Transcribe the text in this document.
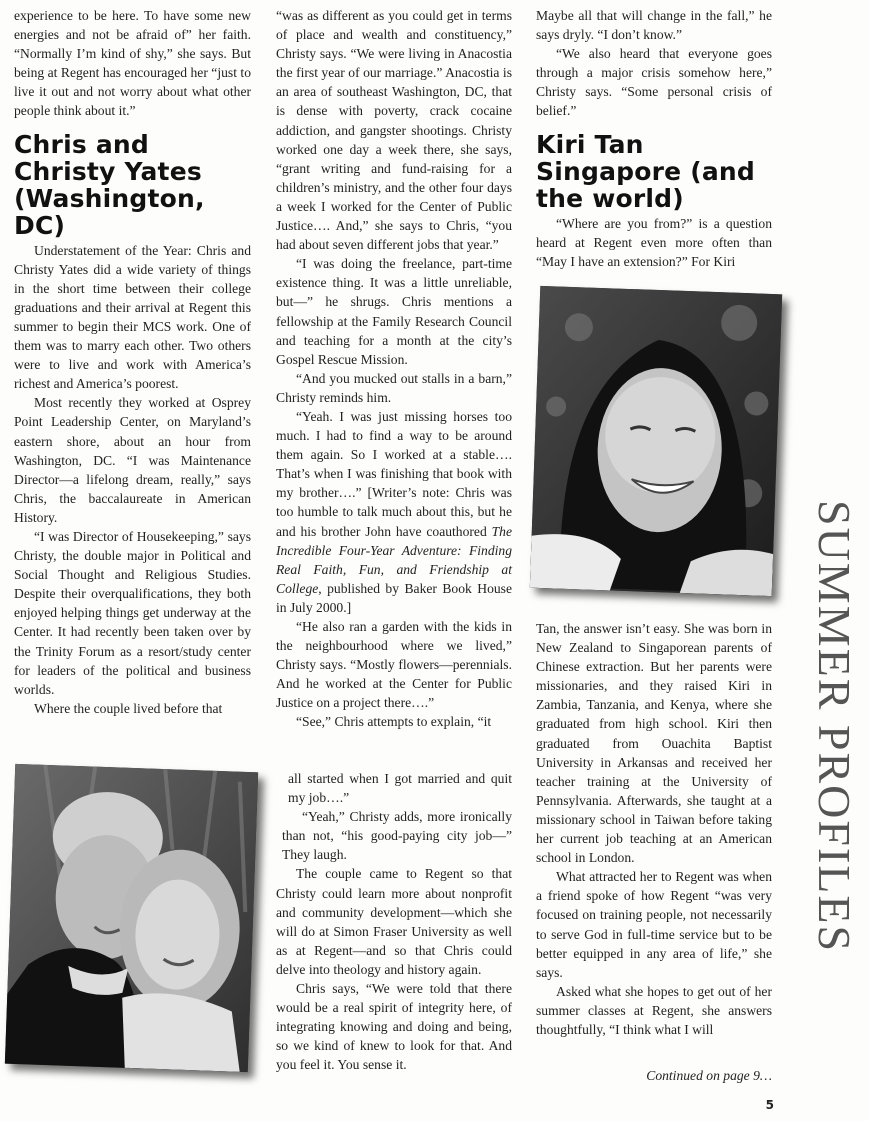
experience to be here. To have some new energies and not be afraid of” her faith. “Normally I’m kind of shy,” she says. But being at Regent has encouraged her “just to live it out and not worry about what other people think about it.”

Chris and Christy Yates (Washington, DC)

Understatement of the Year: Chris and Christy Yates did a wide variety of things in the short time between their college graduations and their arrival at Regent this summer to begin their MCS work. One of them was to marry each other. Two others were to live and work with America’s richest and America’s poorest.

Most recently they worked at Osprey Point Leadership Center, on Maryland’s eastern shore, about an hour from Washington, DC. “I was Maintenance Director—a lifelong dream, really,” says Chris, the baccalaureate in American History.

“I was Director of Housekeeping,” says Christy, the double major in Political and Social Thought and Religious Studies. Despite their overqualifications, they both enjoyed helping things get underway at the Center. It had recently been taken over by the Trinity Forum as a resort/study center for leaders of the political and business worlds.

Where the couple lived before that

“was as different as you could get in terms of place and wealth and constituency,” Christy says. “We were living in Anacostia the first year of our marriage.” Anacostia is an area of southeast Washington, DC, that is dense with poverty, crack cocaine addiction, and gangster shootings. Christy worked one day a week there, she says, “grant writing and fund-raising for a children’s ministry, and the other four days a week I worked for the Center of Public Justice…. And,” she says to Chris, “you had about seven different jobs that year.”

“I was doing the freelance, part-time existence thing. It was a little unreliable, but—” he shrugs. Chris mentions a fellowship at the Family Research Council and teaching for a month at the city’s Gospel Rescue Mission.

“And you mucked out stalls in a barn,” Christy reminds him.

“Yeah. I was just missing horses too much. I had to find a way to be around them again. So I worked at a stable…. That’s when I was finishing that book with my brother….” [Writer’s note: Chris was too humble to talk much about this, but he and his brother John have coauthored The Incredible Four-Year Adventure: Finding Real Faith, Fun, and Friendship at College, published by Baker Book House in July 2000.]

“He also ran a garden with the kids in the neighbourhood where we lived,” Christy says. “Mostly flowers—perennials. And he worked at the Center for Public Justice on a project there….”

“See,” Chris attempts to explain, “it

all started when I got married and quit my job….”

“Yeah,” Christy adds, more ironically than not, “his good-paying city job—” They laugh.

The couple came to Regent so that Christy could learn more about nonprofit and community development—which she will do at Simon Fraser University as well as at Regent—and so that Chris could delve into theology and history again.

Chris says, “We were told that there would be a real spirit of integrity here, of integrating knowing and doing and being, so we kind of knew to look for that. And you feel it. You sense it.

Maybe all that will change in the fall,” he says dryly. “I don’t know.”

“We also heard that everyone goes through a major crisis somehow here,” Christy says. “Some personal crisis of belief.”

Kiri Tan Singapore (and the world)

“Where are you from?” is a question heard at Regent even more often than “May I have an extension?” For Kiri

Tan, the answer isn’t easy. She was born in New Zealand to Singaporean parents of Chinese extraction. But her parents were missionaries, and they raised Kiri in Zambia, Tanzania, and Kenya, where she graduated from high school. Kiri then graduated from Ouachita Baptist University in Arkansas and received her teacher training at the University of Pennsylvania. Afterwards, she taught at a missionary school in Taiwan before taking her current job teaching at an American school in London.

What attracted her to Regent was when a friend spoke of how Regent “was very focused on training people, not necessarily to serve God in full-time service but to be better equipped in any area of life,” she says.

Asked what she hopes to get out of her summer classes at Regent, she answers thoughtfully, “I think what I will

Continued on page 9…
5
SUMMER PROFILES
